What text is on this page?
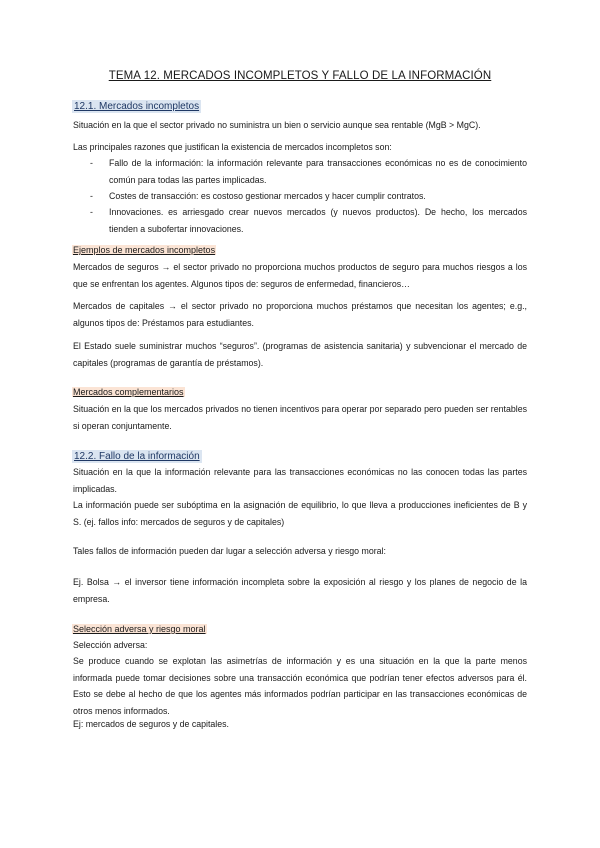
TEMA 12. MERCADOS INCOMPLETOS Y FALLO DE LA INFORMACIÓN
12.1. Mercados incompletos

Situación en la que el sector privado no suministra un bien o servicio aunque sea rentable (MgB > MgC).

Las principales razones que justifican la existencia de mercados incompletos son:

- Fallo de la información: la información relevante para transacciones económicas no es de conocimiento común para todas las partes implicadas.
- Costes de transacción: es costoso gestionar mercados y hacer cumplir contratos.
- Innovaciones. es arriesgado crear nuevos mercados (y nuevos productos). De hecho, los mercados tienden a subofertar innovaciones.
Ejemplos de mercados incompletos

Mercados de seguros → el sector privado no proporciona muchos productos de seguro para muchos riesgos a los que se enfrentan los agentes. Algunos tipos de: seguros de enfermedad, financieros…

Mercados de capitales → el sector privado no proporciona muchos préstamos que necesitan los agentes; e.g., algunos tipos de: Préstamos para estudiantes.

El Estado suele suministrar muchos “seguros”. (programas de asistencia sanitaria) y subvencionar el mercado de capitales (programas de garantía de préstamos).

Mercados complementarios

Situación en la que los mercados privados no tienen incentivos para operar por separado pero pueden ser rentables si operan conjuntamente.

12.2. Fallo de la información

Situación en la que la información relevante para las transacciones económicas no las conocen todas las partes implicadas.

La información puede ser subóptima en la asignación de equilibrio, lo que lleva a producciones ineficientes de B y S. (ej. fallos info: mercados de seguros y de capitales)

Tales fallos de información pueden dar lugar a selección adversa y riesgo moral:

Ej. Bolsa → el inversor tiene información incompleta sobre la exposición al riesgo y los planes de negocio de la empresa.

Selección adversa y riesgo moral

Selección adversa:

Se produce cuando se explotan las asimetrías de información y es una situación en la que la parte menos informada puede tomar decisiones sobre una transacción económica que podrían tener efectos adversos para él. Esto se debe al hecho de que los agentes más informados podrían participar en las transacciones económicas de otros menos informados.

Ej: mercados de seguros y de capitales.
